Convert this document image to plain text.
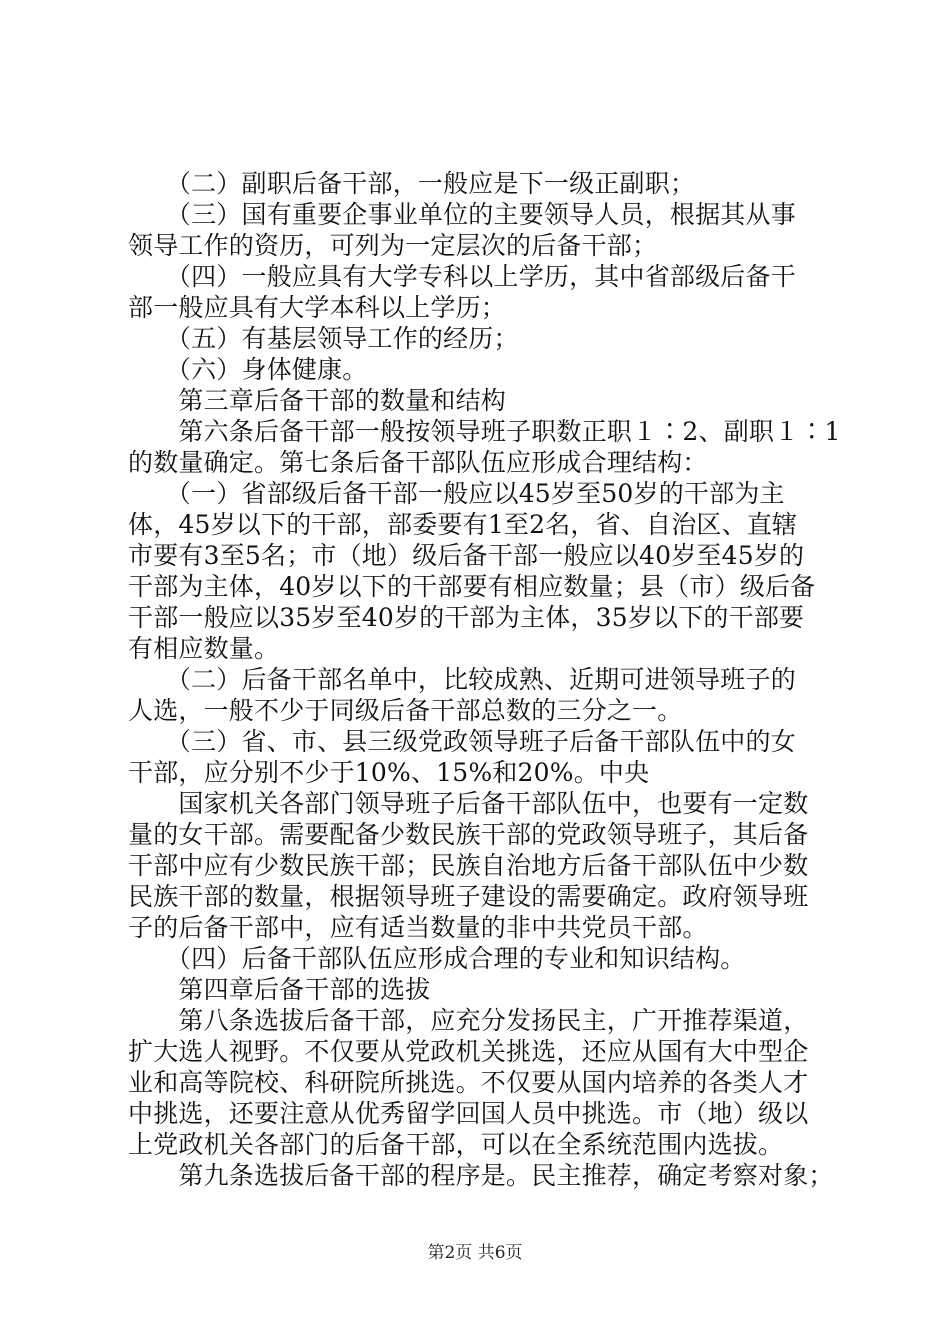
　　（二）副职后备干部，一般应是下一级正副职；
　　（三）国有重要企事业单位的主要领导人员，根据其从事
领导工作的资历，可列为一定层次的后备干部；
　　（四）一般应具有大学专科以上学历，其中省部级后备干
部一般应具有大学本科以上学历；
　　（五）有基层领导工作的经历；
　　（六）身体健康。
　　第三章后备干部的数量和结构
　　第六条后备干部一般按领导班子职数正职１∶2、副职１∶1
的数量确定。第七条后备干部队伍应形成合理结构：
　　（一）省部级后备干部一般应以45岁至50岁的干部为主
体，45岁以下的干部，部委要有1至2名，省、自治区、直辖
市要有3至5名；市（地）级后备干部一般应以40岁至45岁的
干部为主体，40岁以下的干部要有相应数量；县（市）级后备
干部一般应以35岁至40岁的干部为主体，35岁以下的干部要
有相应数量。
　　（二）后备干部名单中，比较成熟、近期可进领导班子的
人选，一般不少于同级后备干部总数的三分之一。
　　（三）省、市、县三级党政领导班子后备干部队伍中的女
干部，应分别不少于10%、15%和20%。中央
　　国家机关各部门领导班子后备干部队伍中，也要有一定数
量的女干部。需要配备少数民族干部的党政领导班子，其后备
干部中应有少数民族干部；民族自治地方后备干部队伍中少数
民族干部的数量，根据领导班子建设的需要确定。政府领导班
子的后备干部中，应有适当数量的非中共党员干部。
　　（四）后备干部队伍应形成合理的专业和知识结构。
　　第四章后备干部的选拔
　　第八条选拔后备干部，应充分发扬民主，广开推荐渠道，
扩大选人视野。不仅要从党政机关挑选，还应从国有大中型企
业和高等院校、科研院所挑选。不仅要从国内培养的各类人才
中挑选，还要注意从优秀留学回国人员中挑选。市（地）级以
上党政机关各部门的后备干部，可以在全系统范围内选拔。
　　第九条选拔后备干部的程序是。民主推荐，确定考察对象；
第2页 共6页
